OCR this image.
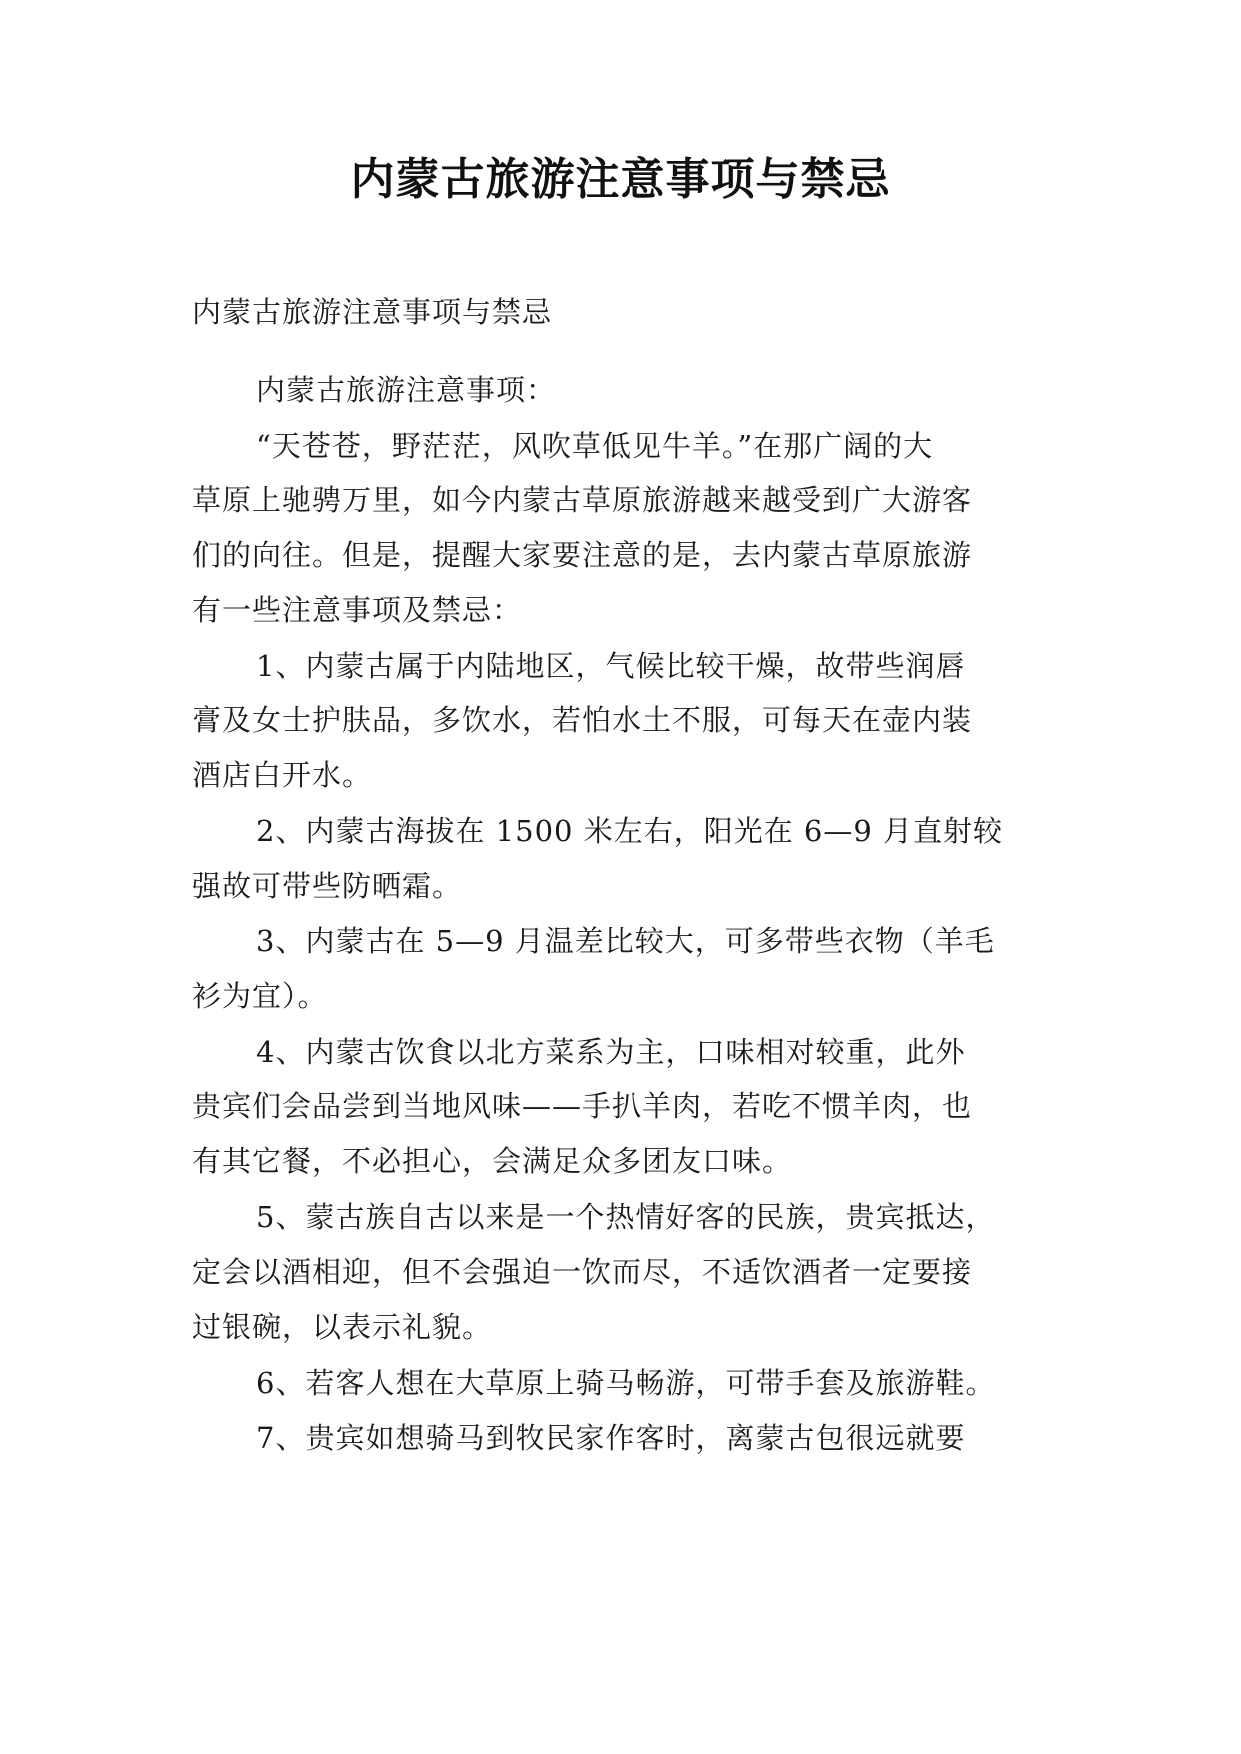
内蒙古旅游注意事项与禁忌
内蒙古旅游注意事项与禁忌
内蒙古旅游注意事项：
“天苍苍，野茫茫，风吹草低见牛羊。”在那广阔的大
草原上驰骋万里，如今内蒙古草原旅游越来越受到广大游客
们的向往。但是，提醒大家要注意的是，去内蒙古草原旅游
有一些注意事项及禁忌：
1、内蒙古属于内陆地区，气候比较干燥，故带些润唇
膏及女士护肤品，多饮水，若怕水土不服，可每天在壶内装
酒店白开水。
2、内蒙古海拔在 1500 米左右，阳光在 6—9 月直射较
强故可带些防晒霜。
3、内蒙古在 5—9 月温差比较大，可多带些衣物（羊毛
衫为宜）。
4、内蒙古饮食以北方菜系为主，口味相对较重，此外
贵宾们会品尝到当地风味——手扒羊肉，若吃不惯羊肉，也
有其它餐，不必担心，会满足众多团友口味。
5、蒙古族自古以来是一个热情好客的民族，贵宾抵达，
定会以酒相迎，但不会强迫一饮而尽，不适饮酒者一定要接
过银碗，以表示礼貌。
6、若客人想在大草原上骑马畅游，可带手套及旅游鞋。
7、贵宾如想骑马到牧民家作客时，离蒙古包很远就要
